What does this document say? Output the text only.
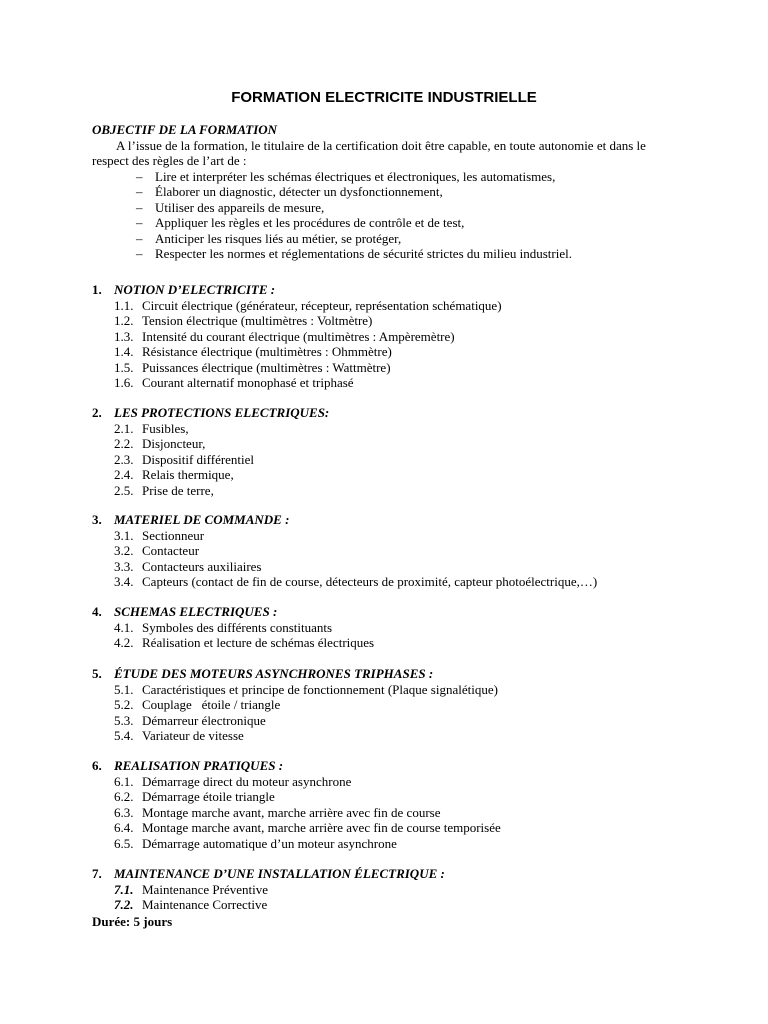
FORMATION ELECTRICITE INDUSTRIELLE
OBJECTIF DE LA FORMATION
A l’issue de la formation, le titulaire de la certification doit être capable, en toute autonomie et dans le respect des règles de l’art de :
– Lire et interpréter les schémas électriques et électroniques, les automatismes,
– Élaborer un diagnostic, détecter un dysfonctionnement,
– Utiliser des appareils de mesure,
– Appliquer les règles et les procédures de contrôle et de test,
– Anticiper les risques liés au métier, se protéger,
– Respecter les normes et réglementations de sécurité strictes du milieu industriel.
1. NOTION D’ELECTRICITE :
1.1. Circuit électrique (générateur, récepteur, représentation schématique)
1.2. Tension électrique (multimètres : Voltmètre)
1.3. Intensité du courant électrique (multimètres : Ampèremètre)
1.4. Résistance électrique (multimètres : Ohmmètre)
1.5. Puissances électrique (multimètres : Wattmètre)
1.6. Courant alternatif monophasé et triphasé
2. LES PROTECTIONS ELECTRIQUES:
2.1. Fusibles,
2.2. Disjoncteur,
2.3. Dispositif différentiel
2.4. Relais thermique,
2.5. Prise de terre,
3. MATERIEL DE COMMANDE :
3.1. Sectionneur
3.2. Contacteur
3.3. Contacteurs auxiliaires
3.4. Capteurs (contact de fin de course, détecteurs de proximité, capteur photoélectrique,…)
4. SCHEMAS ELECTRIQUES :
4.1. Symboles des différents constituants
4.2. Réalisation et lecture de schémas électriques
5. ÉTUDE DES MOTEURS ASYNCHRONES TRIPHASES :
5.1. Caractéristiques et principe de fonctionnement (Plaque signalétique)
5.2. Couplage   étoile / triangle
5.3. Démarreur électronique
5.4. Variateur de vitesse
6. REALISATION PRATIQUES :
6.1. Démarrage direct du moteur asynchrone
6.2. Démarrage étoile triangle
6.3. Montage marche avant, marche arrière avec fin de course
6.4. Montage marche avant, marche arrière avec fin de course temporisée
6.5. Démarrage automatique d’un moteur asynchrone
7. MAINTENANCE D’UNE INSTALLATION ÉLECTRIQUE :
7.1. Maintenance Préventive
7.2. Maintenance Corrective
Durée: 5 jours
